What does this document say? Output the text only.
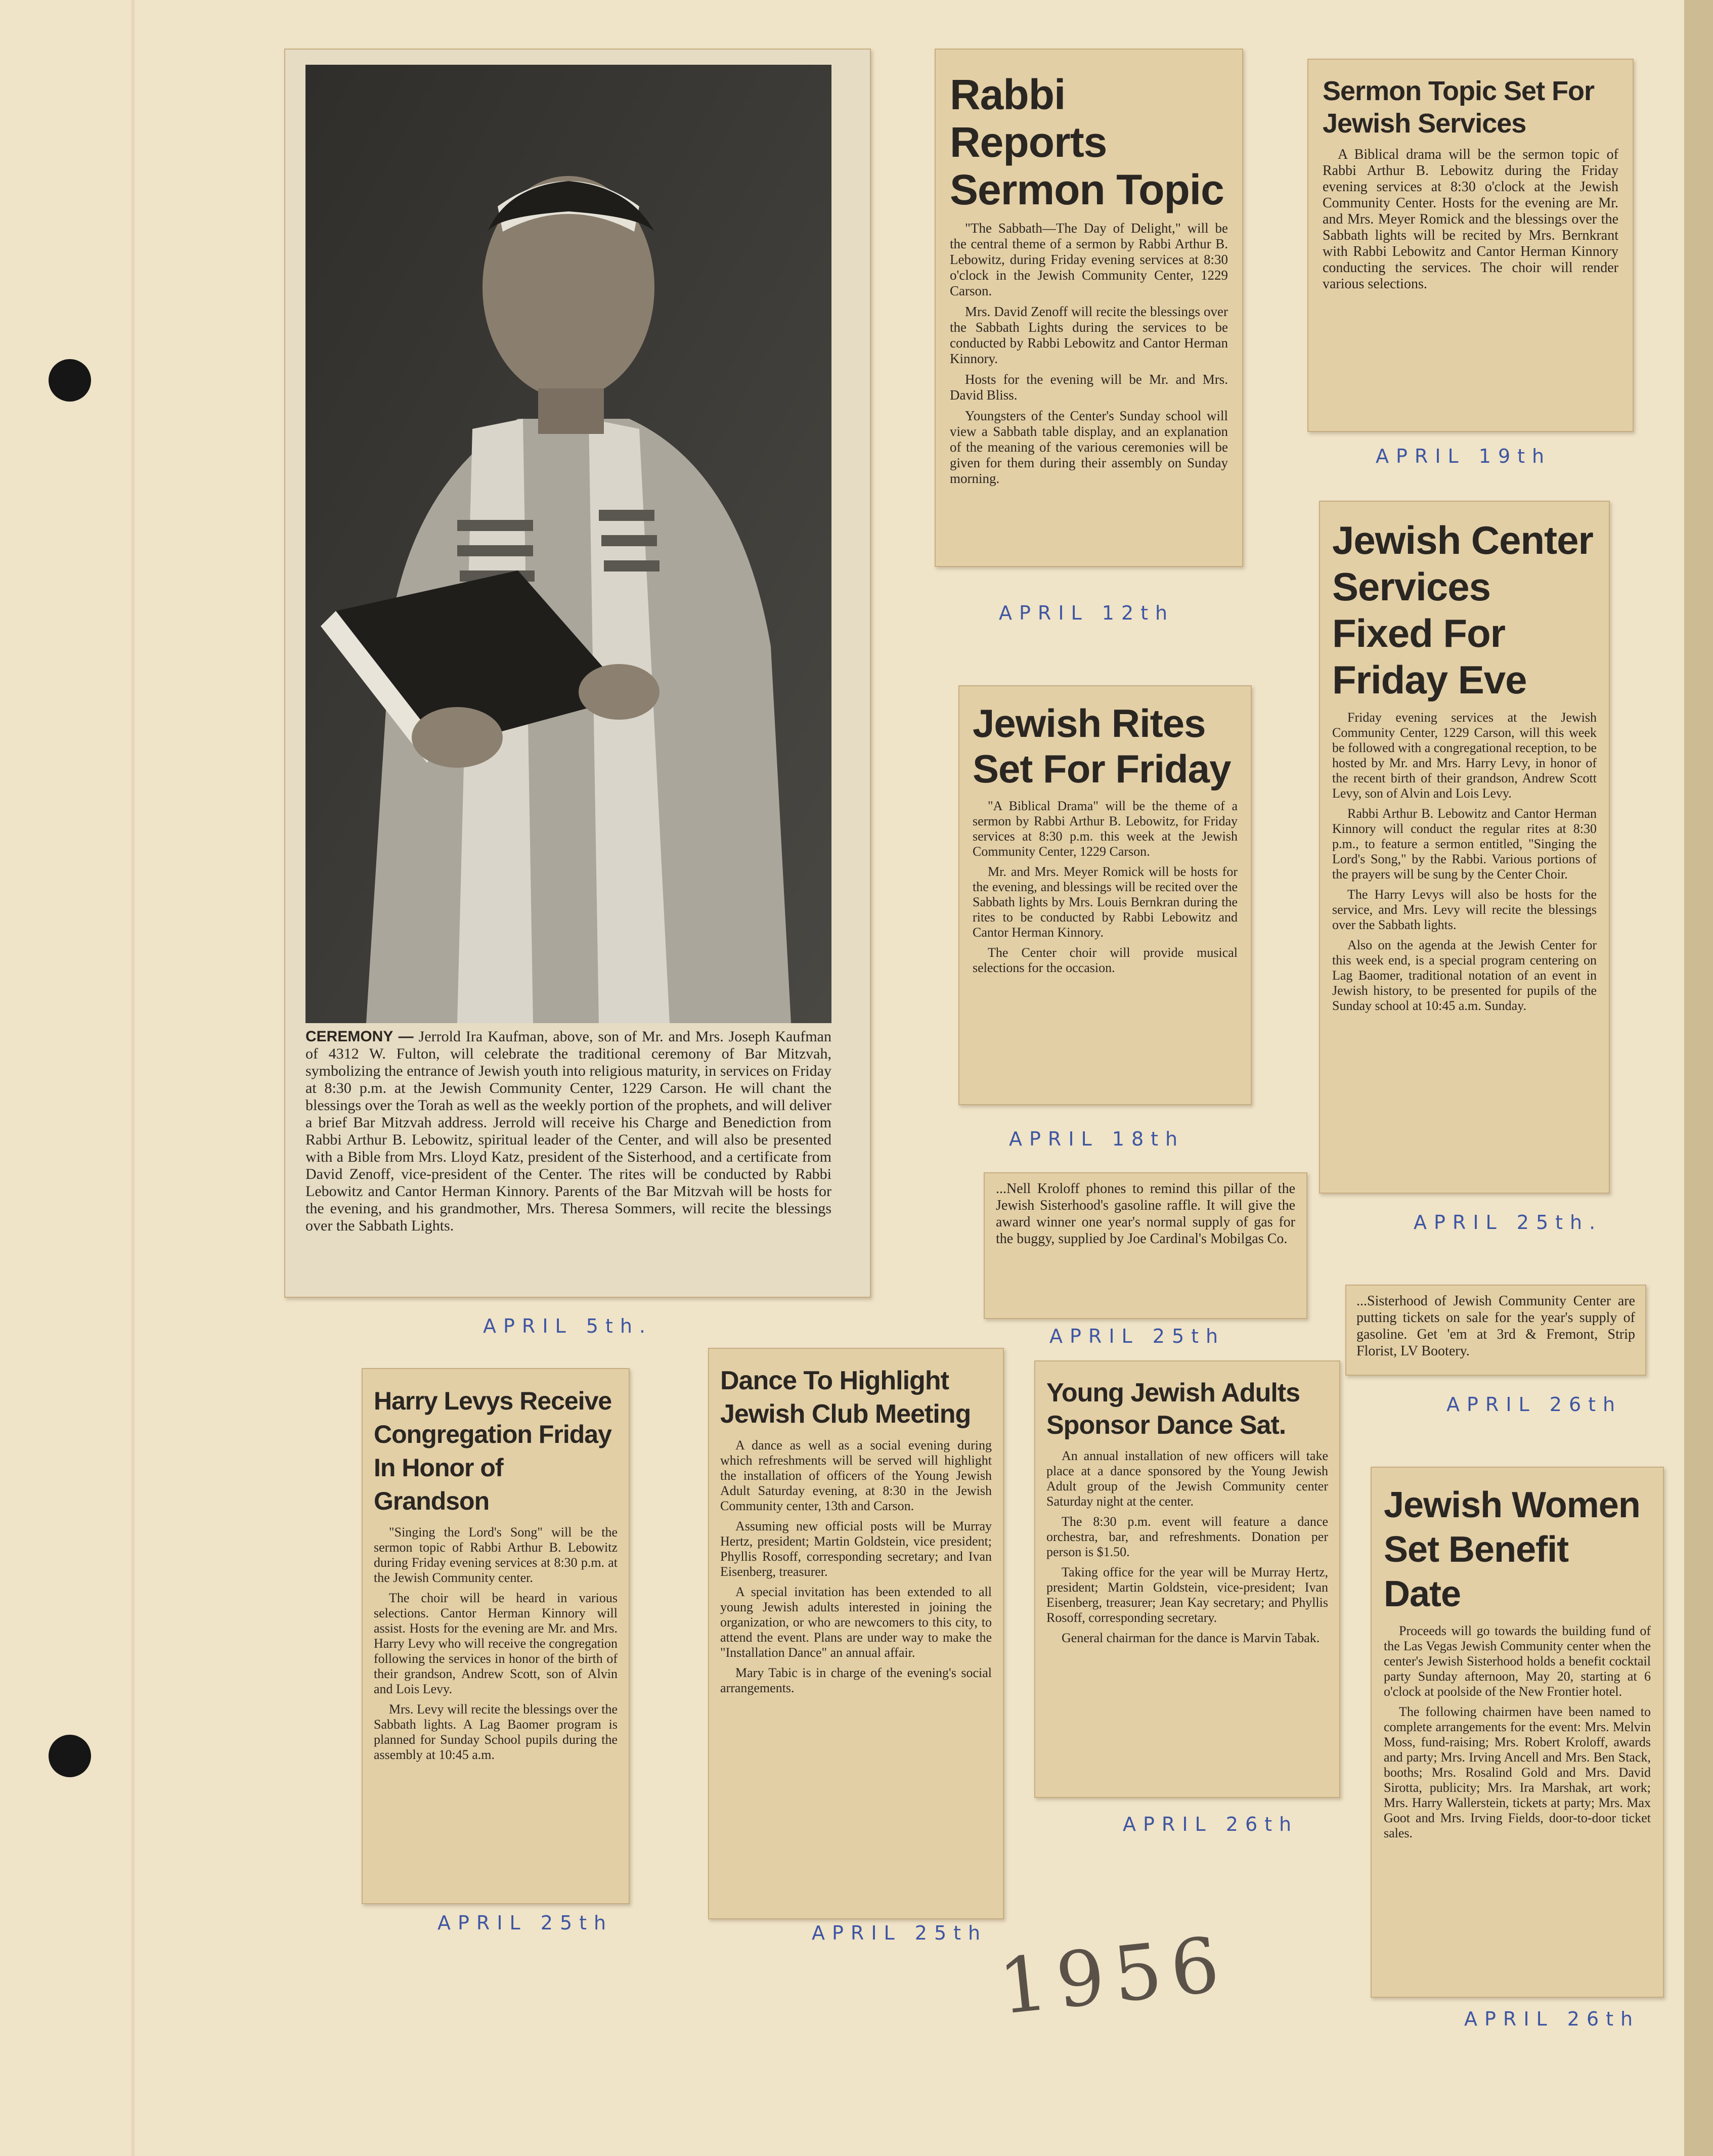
CEREMONY — Jerrold Ira Kaufman, above, son of Mr. and Mrs. Joseph Kaufman of 4312 W. Fulton, will celebrate the traditional ceremony of Bar Mitzvah, symbolizing the entrance of Jewish youth into religious maturity, in services on Friday at 8:30 p.m. at the Jewish Community Center, 1229 Carson. He will chant the blessings over the Torah as well as the weekly portion of the prophets, and will deliver a brief Bar Mitzvah address. Jerrold will receive his Charge and Benediction from Rabbi Arthur B. Lebowitz, spiritual leader of the Center, and will also be presented with a Bible from Mrs. Lloyd Katz, president of the Sisterhood, and a certificate from David Zenoff, vice-president of the Center. The rites will be conducted by Rabbi Lebowitz and Cantor Herman Kinnory. Parents of the Bar Mitzvah will be hosts for the evening, and his grandmother, Mrs. Theresa Sommers, will recite the blessings over the Sabbath Lights.
APRIL 5th.
Rabbi Reports Sermon Topic

"The Sabbath—The Day of Delight," will be the central theme of a sermon by Rabbi Arthur B. Lebowitz, during Friday evening services at 8:30 o'clock in the Jewish Community Center, 1229 Carson.

Mrs. David Zenoff will recite the blessings over the Sabbath Lights during the services to be conducted by Rabbi Lebowitz and Cantor Herman Kinnory.

Hosts for the evening will be Mr. and Mrs. David Bliss.

Youngsters of the Center's Sunday school will view a Sabbath table display, and an explanation of the meaning of the various ceremonies will be given for them during their assembly on Sunday morning.

APRIL 12th
Sermon Topic Set For Jewish Services

A Biblical drama will be the sermon topic of Rabbi Arthur B. Lebowitz during the Friday evening services at 8:30 o'clock at the Jewish Community Center. Hosts for the evening are Mr. and Mrs. Meyer Romick and the blessings over the Sabbath lights will be recited by Mrs. Bernkrant with Rabbi Lebowitz and Cantor Herman Kinnory conducting the services. The choir will render various selections.

APRIL 19th
Jewish Rites Set For Friday

"A Biblical Drama" will be the theme of a sermon by Rabbi Arthur B. Lebowitz, for Friday services at 8:30 p.m. this week at the Jewish Community Center, 1229 Carson.

Mr. and Mrs. Meyer Romick will be hosts for the evening, and blessings will be recited over the Sabbath lights by Mrs. Louis Bernkran during the rites to be conducted by Rabbi Lebowitz and Cantor Herman Kinnory.

The Center choir will provide musical selections for the occasion.

APRIL 18th
Jewish Center Services Fixed For Friday Eve

Friday evening services at the Jewish Community Center, 1229 Carson, will this week be followed with a congregational reception, to be hosted by Mr. and Mrs. Harry Levy, in honor of the recent birth of their grandson, Andrew Scott Levy, son of Alvin and Lois Levy.

Rabbi Arthur B. Lebowitz and Cantor Herman Kinnory will conduct the regular rites at 8:30 p.m., to feature a sermon entitled, "Singing the Lord's Song," by the Rabbi. Various portions of the prayers will be sung by the Center Choir.

The Harry Levys will also be hosts for the service, and Mrs. Levy will recite the blessings over the Sabbath lights.

Also on the agenda at the Jewish Center for this week end, is a special program centering on Lag Baomer, traditional notation of an event in Jewish history, to be presented for pupils of the Sunday school at 10:45 a.m. Sunday.

APRIL 25th.

...Nell Kroloff phones to remind this pillar of the Jewish Sisterhood's gasoline raffle. It will give the award winner one year's normal supply of gas for the buggy, supplied by Joe Cardinal's Mobilgas Co.

APRIL 25th

...Sisterhood of Jewish Community Center are putting tickets on sale for the year's supply of gasoline. Get 'em at 3rd & Fremont, Strip Florist, LV Bootery.

APRIL 26th
Harry Levys Receive Congregation Friday In Honor of Grandson

"Singing the Lord's Song" will be the sermon topic of Rabbi Arthur B. Lebowitz during Friday evening services at 8:30 p.m. at the Jewish Community center.

The choir will be heard in various selections. Cantor Herman Kinnory will assist. Hosts for the evening are Mr. and Mrs. Harry Levy who will receive the congregation following the services in honor of the birth of their grandson, Andrew Scott, son of Alvin and Lois Levy.

Mrs. Levy will recite the blessings over the Sabbath lights. A Lag Baomer program is planned for Sunday School pupils during the assembly at 10:45 a.m.

APRIL 25th
Dance To Highlight Jewish Club Meeting

A dance as well as a social evening during which refreshments will be served will highlight the installation of officers of the Young Jewish Adult Saturday evening, at 8:30 in the Jewish Community center, 13th and Carson.

Assuming new official posts will be Murray Hertz, president; Martin Goldstein, vice president; Phyllis Rosoff, corresponding secretary; and Ivan Eisenberg, treasurer.

A special invitation has been extended to all young Jewish adults interested in joining the organization, or who are newcomers to this city, to attend the event. Plans are under way to make the "Installation Dance" an annual affair.

Mary Tabic is in charge of the evening's social arrangements.

APRIL 25th
Young Jewish Adults Sponsor Dance Sat.

An annual installation of new officers will take place at a dance sponsored by the Young Jewish Adult group of the Jewish Community center Saturday night at the center.

The 8:30 p.m. event will feature a dance orchestra, bar, and refreshments. Donation per person is $1.50.

Taking office for the year will be Murray Hertz, president; Martin Goldstein, vice-president; Ivan Eisenberg, treasurer; Jean Kay secretary; and Phyllis Rosoff, corresponding secretary.

General chairman for the dance is Marvin Tabak.

APRIL 26th
Jewish Women Set Benefit Date

Proceeds will go towards the building fund of the Las Vegas Jewish Community center when the center's Jewish Sisterhood holds a benefit cocktail party Sunday afternoon, May 20, starting at 6 o'clock at poolside of the New Frontier hotel.

The following chairmen have been named to complete arrangements for the event: Mrs. Melvin Moss, fund-raising; Mrs. Robert Kroloff, awards and party; Mrs. Irving Ancell and Mrs. Ben Stack, booths; Mrs. Rosalind Gold and Mrs. David Sirotta, publicity; Mrs. Ira Marshak, art work; Mrs. Harry Wallerstein, tickets at party; Mrs. Max Goot and Mrs. Irving Fields, door-to-door ticket sales.

APRIL 26th
1956
